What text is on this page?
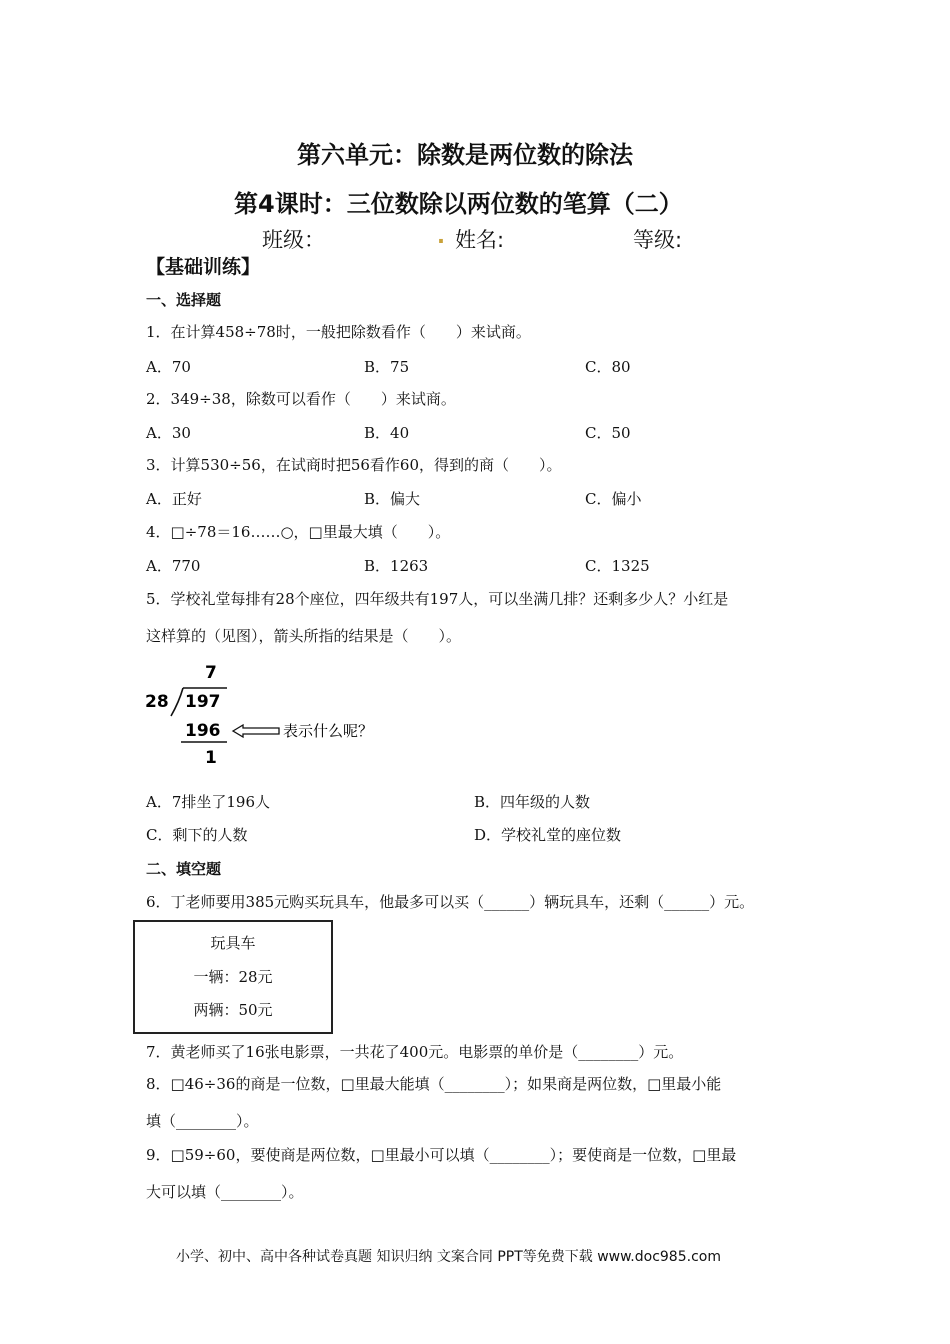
第六单元：除数是两位数的除法
第4课时：三位数除以两位数的笔算（二）
班级：	. 姓名:	等级:
【基础训练】
一、选择题
1．在计算458÷78时，一般把除数看作（　　）来试商。
A．70	B．75	C．80
2．349÷38，除数可以看作（　　）来试商。
A．30	B．40	C．50
3．计算530÷56，在试商时把56看作60，得到的商（　　）。
A．正好	B．偏大	C．偏小
4．□÷78＝16……○，□里最大填（　　）。
A．770	B．1263	C．1325
5．学校礼堂每排有28个座位，四年级共有197人，可以坐满几排？还剩多少人？小红是
这样算的（见图），箭头所指的结果是（　　）。
7
28 197
196
1
表示什么呢？
A．7排坐了196人	B．四年级的人数
C．剩下的人数	D．学校礼堂的座位数
二、填空题
6．丁老师要用385元购买玩具车，他最多可以买（______）辆玩具车，还剩（______）元。
玩具车
一辆：28元
两辆：50元
7．黄老师买了16张电影票，一共花了400元。电影票的单价是（________）元。
8．□46÷36的商是一位数，□里最大能填（________）；如果商是两位数，□里最小能
填（________）。
9．□59÷60，要使商是两位数，□里最小可以填（________）；要使商是一位数，□里最
大可以填（________）。
小学、初中、高中各种试卷真题 知识归纳 文案合同 PPT等免费下载 www.doc985.com
